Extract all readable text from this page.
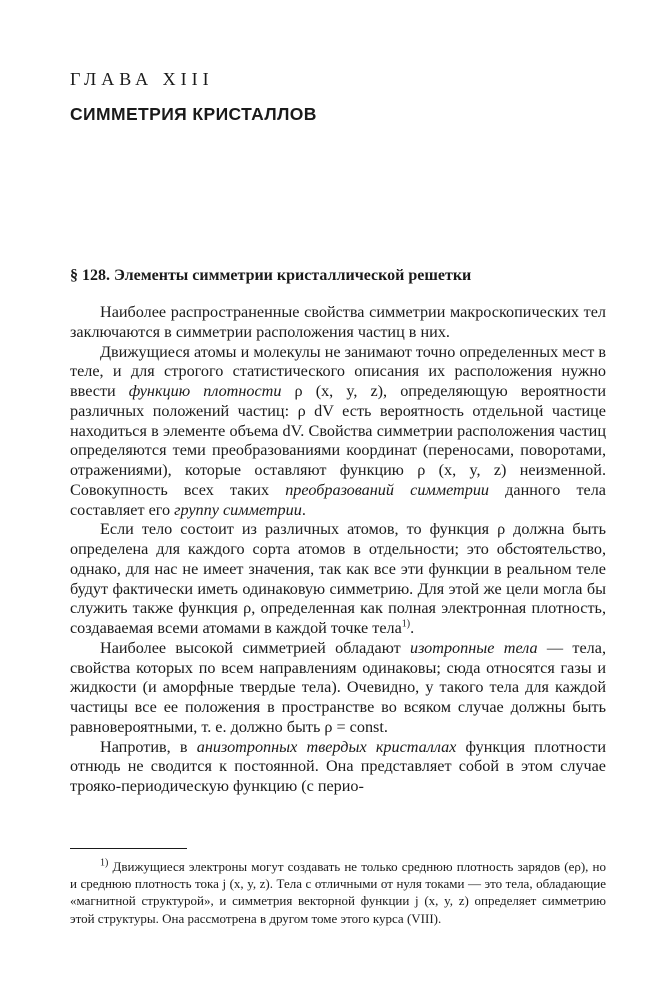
ГЛАВА XIII
СИММЕТРИЯ КРИСТАЛЛОВ
§ 128. Элементы симметрии кристаллической решетки

Наиболее распространенные свойства симметрии макроскопических тел заключаются в симметрии расположения частиц в них.

Движущиеся атомы и молекулы не занимают точно определенных мест в теле, и для строгого статистического описания их расположения нужно ввести функцию плотности ρ (x, y, z), определяющую вероятности различных положений частиц: ρ dV есть вероятность отдельной частице находиться в элементе объема dV. Свойства симметрии расположения частиц определяются теми преобразованиями координат (переносами, поворотами, отражениями), которые оставляют функцию ρ (x, y, z) неизменной. Совокупность всех таких преобразований симметрии данного тела составляет его группу симметрии.

Если тело состоит из различных атомов, то функция ρ должна быть определена для каждого сорта атомов в отдельности; это обстоятельство, однако, для нас не имеет значения, так как все эти функции в реальном теле будут фактически иметь одинаковую симметрию. Для этой же цели могла бы служить также функция ρ, определенная как полная электронная плотность, создаваемая всеми атомами в каждой точке тела$^{1)}$.

Наиболее высокой симметрией обладают изотропные тела — тела, свойства которых по всем направлениям одинаковы; сюда относятся газы и жидкости (и аморфные твердые тела). Очевидно, у такого тела для каждой частицы все ее положения в пространстве во всяком случае должны быть равновероятными, т. е. должно быть ρ = const.

Напротив, в анизотропных твердых кристаллах функция плотности отнюдь не сводится к постоянной. Она представляет собой в этом случае трояко-периодическую функцию (с перио-

$^{1)}$ Движущиеся электроны могут создавать не только среднюю плотность зарядов (eρ), но и среднюю плотность тока j (x, y, z). Тела с отличными от нуля токами — это тела, обладающие «магнитной структурой», и симметрия векторной функции j (x, y, z) определяет симметрию этой структуры. Она рассмотрена в другом томе этого курса (VIII).
